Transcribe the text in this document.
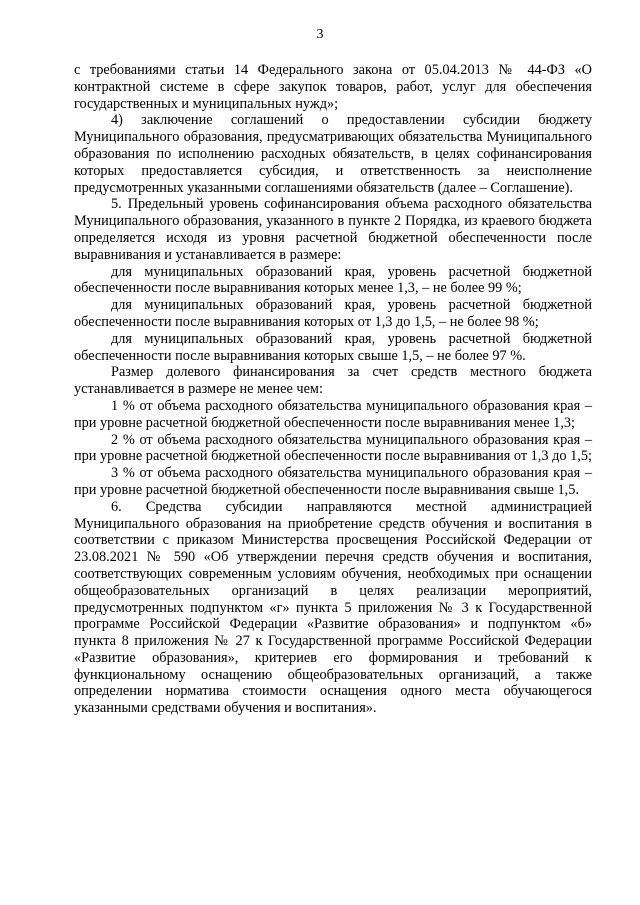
3

с требованиями статьи 14 Федерального закона от 05.04.2013 № 44-ФЗ «О контрактной системе в сфере закупок товаров, работ, услуг для обеспечения государственных и муниципальных нужд»;

4) заключение соглашений о предоставлении субсидии бюджету Муниципального образования, предусматривающих обязательства Муниципального образования по исполнению расходных обязательств, в целях софинансирования которых предоставляется субсидия, и ответственность за неисполнение предусмотренных указанными соглашениями обязательств (далее – Соглашение).

5. Предельный уровень софинансирования объема расходного обязательства Муниципального образования, указанного в пункте 2 Порядка, из краевого бюджета определяется исходя из уровня расчетной бюджетной обеспеченности после выравнивания и устанавливается в размере:

для муниципальных образований края, уровень расчетной бюджетной обеспеченности после выравнивания которых менее 1,3, – не более 99 %;

для муниципальных образований края, уровень расчетной бюджетной обеспеченности после выравнивания которых от 1,3 до 1,5, – не более 98 %;

для муниципальных образований края, уровень расчетной бюджетной обеспеченности после выравнивания которых свыше 1,5, – не более 97 %.

Размер долевого финансирования за счет средств местного бюджета устанавливается в размере не менее чем:

1 % от объема расходного обязательства муниципального образования края – при уровне расчетной бюджетной обеспеченности после выравнивания менее 1,3;

2 % от объема расходного обязательства муниципального образования края – при уровне расчетной бюджетной обеспеченности после выравнивания от 1,3 до 1,5;

3 % от объема расходного обязательства муниципального образования края – при уровне расчетной бюджетной обеспеченности после выравнивания свыше 1,5.

6. Средства субсидии направляются местной администрацией Муниципального образования на приобретение средств обучения и воспитания в соответствии с приказом Министерства просвещения Российской Федерации от 23.08.2021 № 590 «Об утверждении перечня средств обучения и воспитания, соответствующих современным условиям обучения, необходимых при оснащении общеобразовательных организаций в целях реализации мероприятий, предусмотренных подпунктом «г» пункта 5 приложения № 3 к Государственной программе Российской Федерации «Развитие образования» и подпунктом «б» пункта 8 приложения № 27 к Государственной программе Российской Федерации «Развитие образования», критериев его формирования и требований к функциональному оснащению общеобразовательных организаций, а также определении норматива стоимости оснащения одного места обучающегося указанными средствами обучения и воспитания».
